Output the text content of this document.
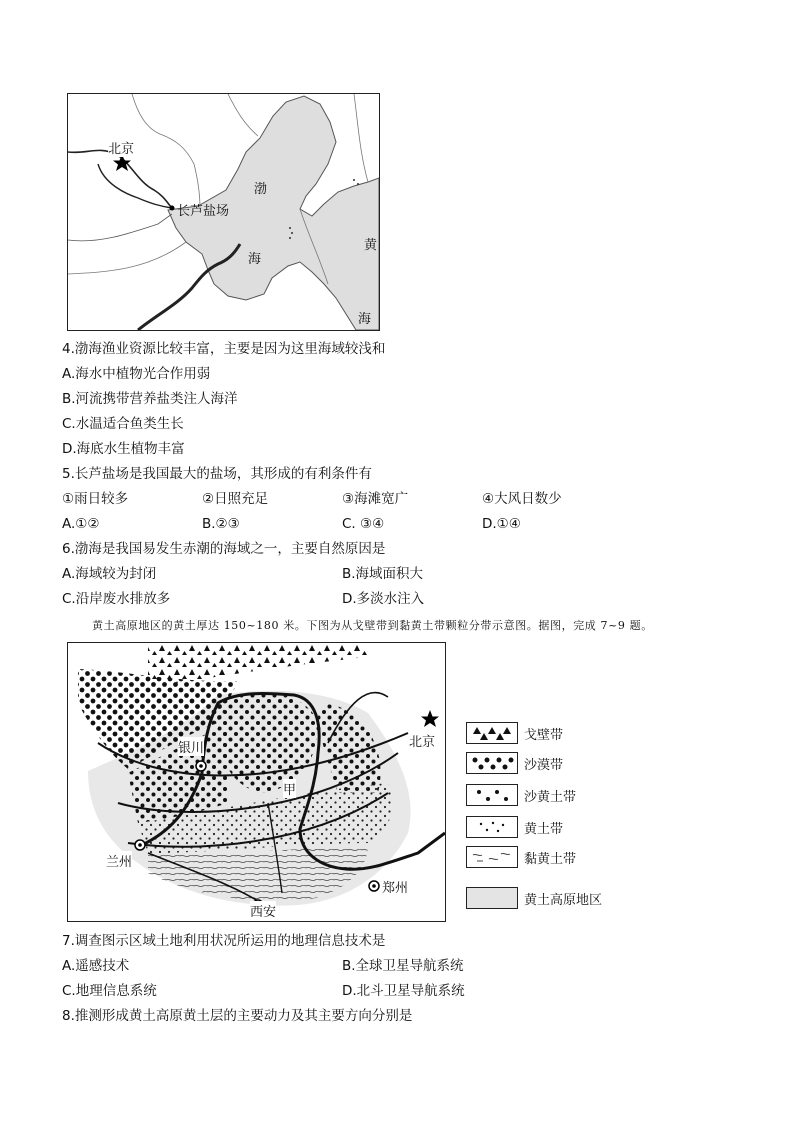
北京
长芦盐场
渤
海
黄
海
4.渤海渔业资源比较丰富，主要是因为这里海域较浅和
A.海水中植物光合作用弱
B.河流携带营养盐类注人海洋
C.水温适合鱼类生长
D.海底水生植物丰富
5.长芦盐场是我国最大的盐场，其形成的有利条件有
①雨日较多	②日照充足	③海滩宽广	④大风日数少
A.①②	B.②③	C. ③④	D.①④
6.渤海是我国易发生赤潮的海域之一，主要自然原因是
A.海域较为封闭	B.海域面积大
C.沿岸废水排放多	D.多淡水注入
黄土高原地区的黄土厚达 150~180 米。下图为从戈壁带到黏黄土带颗粒分带示意图。据图，完成 7~9 题。
银川
甲
北京
兰州
郑州
西安
戈壁带
沙漠带
沙黄土带
黄土带
黏黄土带
黄土高原地区
7.调查图示区域土地利用状况所运用的地理信息技术是
A.遥感技术	B.全球卫星导航系统
C.地理信息系统	D.北斗卫星导航系统
8.推测形成黄土高原黄土层的主要动力及其主要方向分别是
